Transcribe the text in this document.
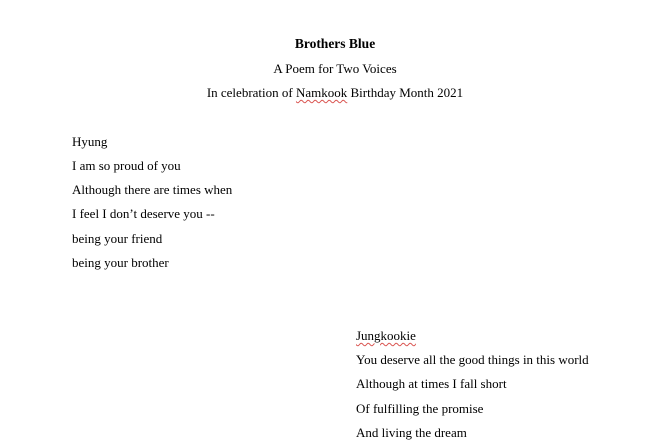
Brothers Blue
A Poem for Two Voices
In celebration of Namkook Birthday Month 2021
Hyung
I am so proud of you
Although there are times when
I feel I don’t deserve you --
being your friend
being your brother
Jungkookie
You deserve all the good things in this world
Although at times I fall short
Of fulfilling the promise
And living the dream
